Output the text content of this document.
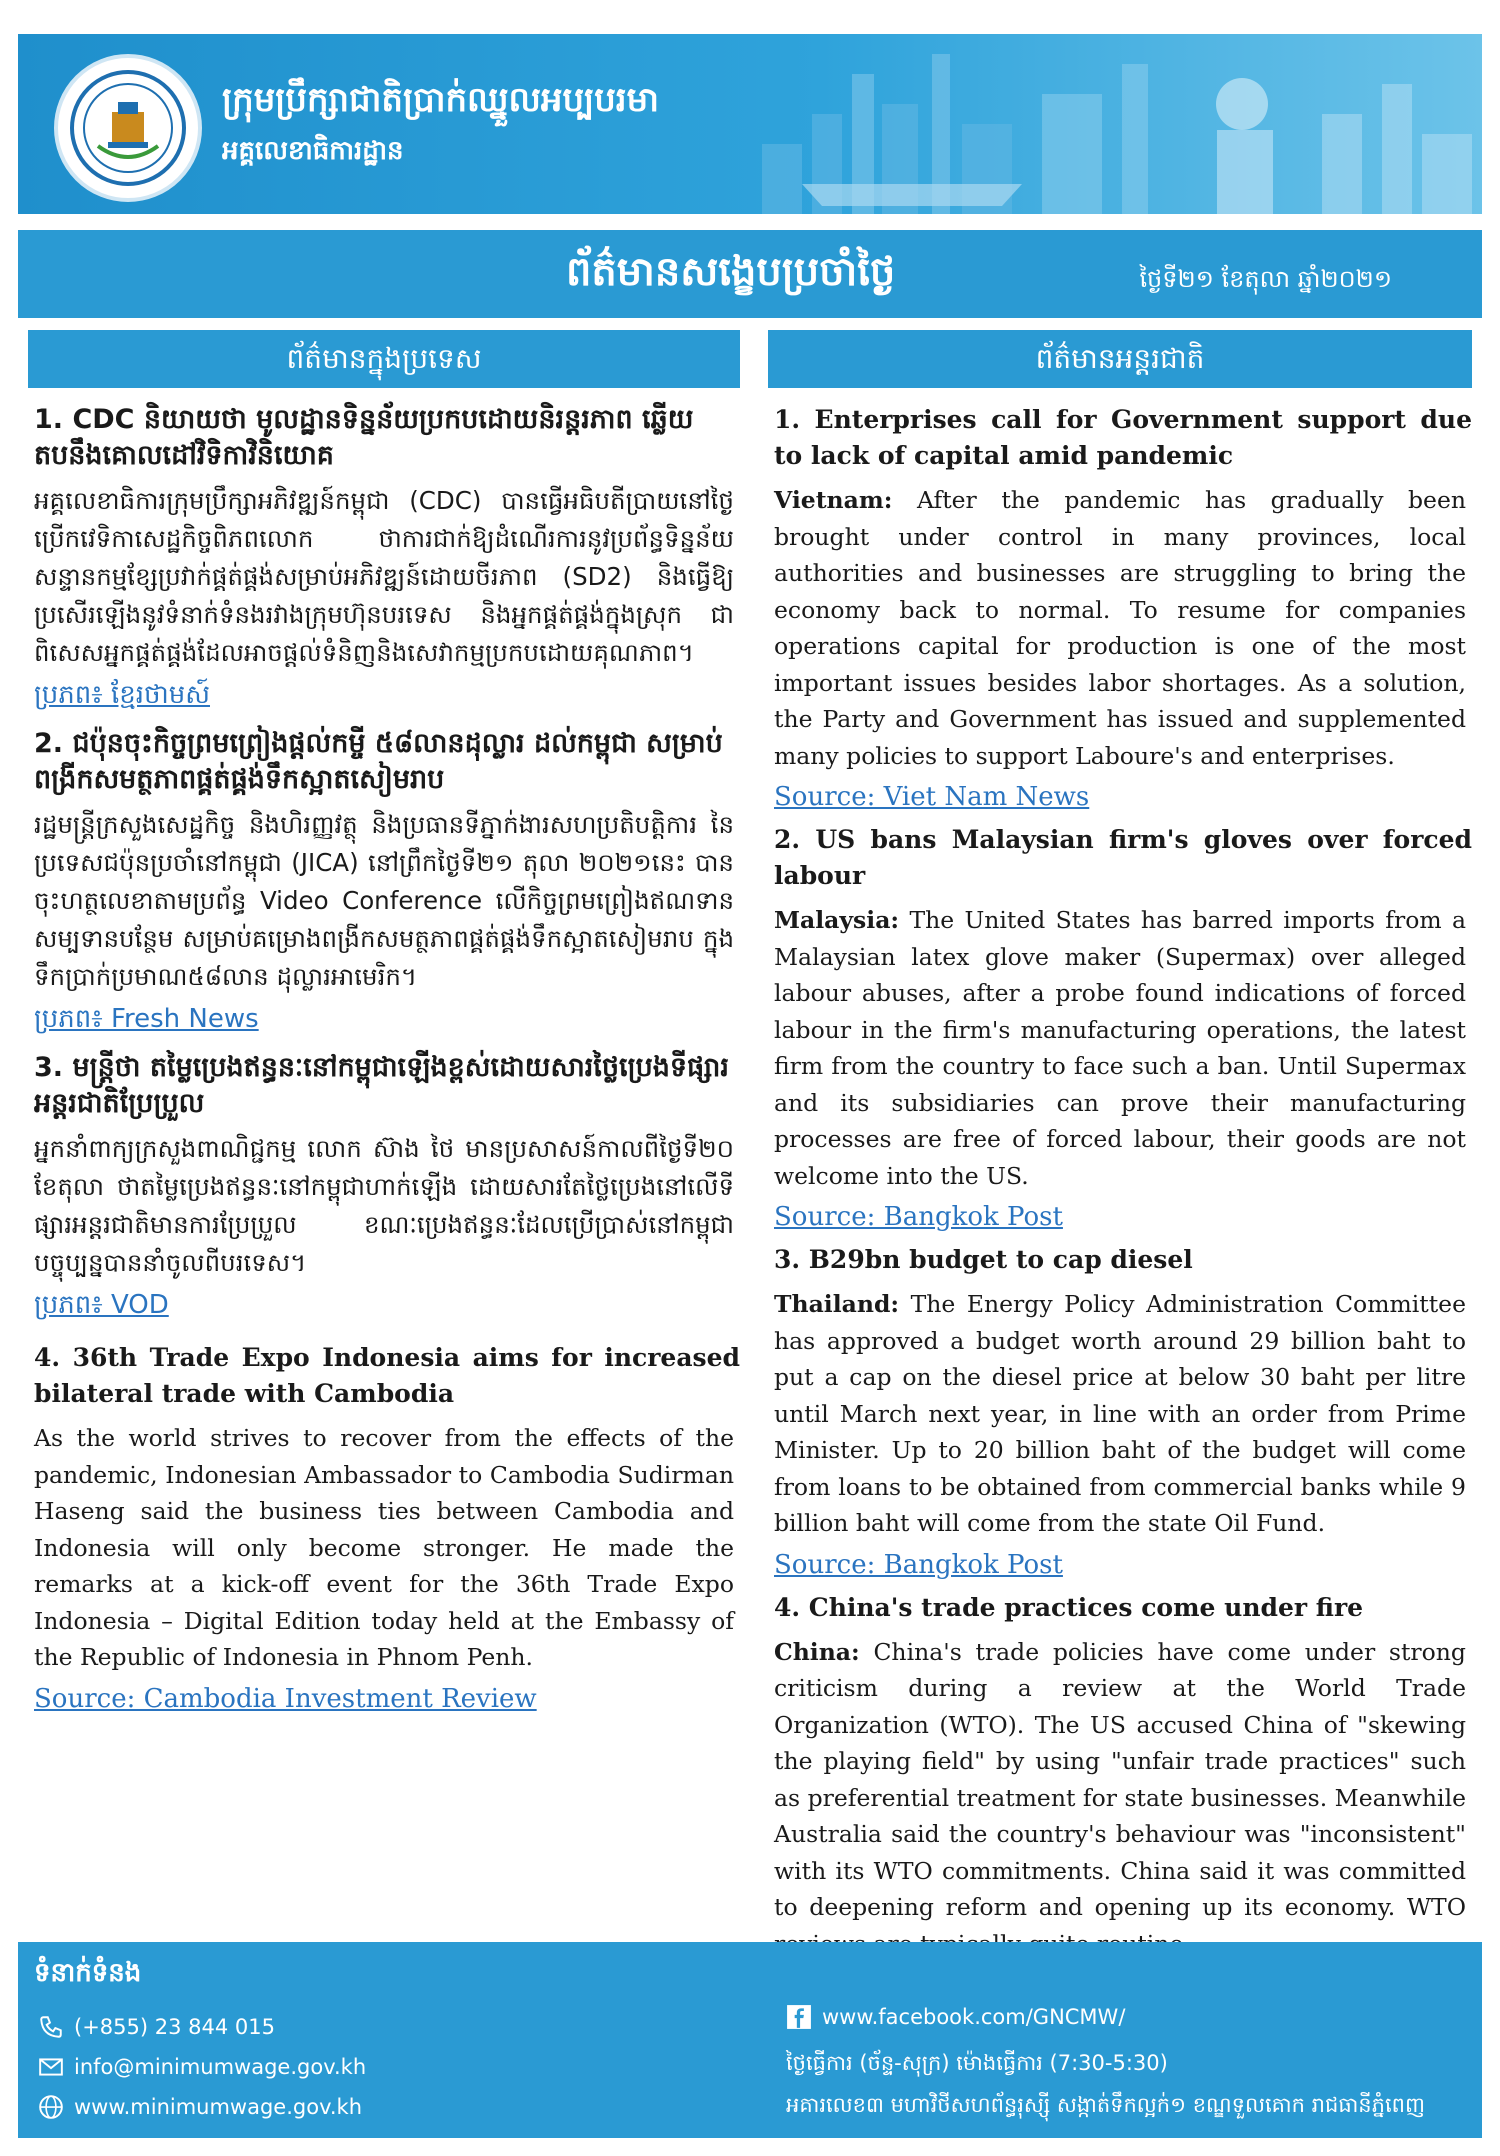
ក្រុមប្រឹក្សាជាតិប្រាក់ឈ្នួលអប្បបរមា
អគ្គលេខាធិការដ្ឋាន
ព័ត៌មានសង្ខេបប្រចាំថ្ងៃ	ថ្ងៃទី២១ ខែតុលា ឆ្នាំ២០២១
ព័ត៌មានក្នុងប្រទេស
1. CDC និយាយថា មូលដ្ឋានទិន្នន័យប្រកបដោយនិរន្តរភាព ឆ្លើយតបនឹងគោលដៅវិទិកាវិនិយោគ
អគ្គលេខាធិការក្រុមប្រឹក្សាអភិវឌ្ឍន៍កម្ពុជា (CDC) បានធ្វើអធិបតីប្រាយនៅថ្ងៃប្រើកវេទិកាសេដ្ឋកិច្ចពិភពលោក ថាការជាក់ឱ្យដំណើរការនូវប្រព័ន្ធទិន្នន័យសន្ទានកម្មខ្សែប្រវាក់ផ្គត់ផ្គង់សម្រាប់អភិវឌ្ឍន៍ដោយចីរភាព (SD2) និងធ្វើឱ្យប្រសើរឡើងនូវទំនាក់ទំនងរវាងក្រុមហ៊ុនបរទេស និងអ្នកផ្គត់ផ្គង់ក្នុងស្រុក ជាពិសេសអ្នកផ្គត់ផ្គង់ដែលអាចផ្តល់ទំនិញនិងសេវាកម្មប្រកបដោយគុណភាព។
ប្រភព៖ ខ្មែរថាមស៍
2. ជប៉ុនចុះកិច្ចព្រមព្រៀងផ្តល់កម្ចី ៥៨លានដុល្លារ ដល់កម្ពុជា សម្រាប់ពង្រីកសមត្ថភាពផ្គត់ផ្គង់ទឹកស្អាតសៀមរាប
រដ្ឋមន្ត្រីក្រសួងសេដ្ឋកិច្ច និងហិរញ្ញវត្ថុ និងប្រធានទីភ្នាក់ងារសហប្រតិបត្តិការ នៃប្រទេសជប៉ុនប្រចាំនៅកម្ពុជា (JICA) នៅព្រឹកថ្ងៃទី២១ តុលា ២០២១នេះ បានចុះហត្ថលេខាតាមប្រព័ន្ធ Video Conference លើកិច្ចព្រមព្រៀងឥណទានសម្បទានបន្ថែម សម្រាប់គម្រោងពង្រីកសមត្ថភាពផ្គត់ផ្គង់ទឹកស្អាតសៀមរាប ក្នុងទឹកប្រាក់ប្រមាណ៥៨លាន ដុល្លារអាមេរិក។
ប្រភព៖ Fresh News
3. មន្ត្រីថា តម្លៃប្រេងឥន្ធនៈនៅកម្ពុជាឡើងខ្ពស់ដោយសារថ្លៃប្រេងទីផ្សារអន្តរជាតិប្រែប្រួល
អ្នកនាំពាក្យក្រសួងពាណិជ្ជកម្ម លោក ស៊ាង ថៃ មានប្រសាសន៍កាលពីថ្ងៃទី២០ ខែតុលា ថាតម្លៃប្រេងឥន្ធនៈនៅកម្ពុជាហាក់ឡើង ដោយសារតែថ្លៃប្រេងនៅលើទីផ្សារអន្តរជាតិមានការប្រែប្រួល ខណៈប្រេងឥន្ធនៈដែលប្រើប្រាស់នៅកម្ពុជាបច្ចុប្បន្នបាននាំចូលពីបរទេស។
ប្រភព៖ VOD
4. 36th Trade Expo Indonesia aims for increased bilateral trade with Cambodia
As the world strives to recover from the effects of the pandemic, Indonesian Ambassador to Cambodia Sudirman Haseng said the business ties between Cambodia and Indonesia will only become stronger. He made the remarks at a kick-off event for the 36th Trade Expo Indonesia – Digital Edition today held at the Embassy of the Republic of Indonesia in Phnom Penh.
Source: Cambodia Investment Review
ព័ត៌មានអន្តរជាតិ
1. Enterprises call for Government support due to lack of capital amid pandemic
Vietnam: After the pandemic has gradually been brought under control in many provinces, local authorities and businesses are struggling to bring the economy back to normal. To resume for companies operations capital for production is one of the most important issues besides labor shortages. As a solution, the Party and Government has issued and supplemented many policies to support Laboure's and enterprises.
Source: Viet Nam News
2. US bans Malaysian firm's gloves over forced labour
Malaysia: The United States has barred imports from a Malaysian latex glove maker (Supermax) over alleged labour abuses, after a probe found indications of forced labour in the firm's manufacturing operations, the latest firm from the country to face such a ban. Until Supermax and its subsidiaries can prove their manufacturing processes are free of forced labour, their goods are not welcome into the US.
Source: Bangkok Post
3. B29bn budget to cap diesel
Thailand: The Energy Policy Administration Committee has approved a budget worth around 29 billion baht to put a cap on the diesel price at below 30 baht per litre until March next year, in line with an order from Prime Minister. Up to 20 billion baht of the budget will come from loans to be obtained from commercial banks while 9 billion baht will come from the state Oil Fund.
Source: Bangkok Post
4. China's trade practices come under fire
China: China's trade policies have come under strong criticism during a review at the World Trade Organization (WTO). The US accused China of "skewing the playing field" by using "unfair trade practices" such as preferential treatment for state businesses. Meanwhile Australia said the country's behaviour was "inconsistent" with its WTO commitments. China said it was committed to deepening reform and opening up its economy. WTO
ទំនាក់ទំនង
(+855) 23 844 015
info@minimumwage.gov.kh
www.minimumwage.gov.kh
www.facebook.com/GNCMW/
ថ្ងៃធ្វើការ (ច័ន្ទ-សុក្រ) ម៉ោងធ្វើការ (7:30-5:30)
អគារលេខ៣ មហាវិថីសហព័ន្ធរុស្ស៊ី សង្កាត់ទឹកល្អក់១ ខណ្ឌទួលគោក រាជធានីភ្នំពេញ
